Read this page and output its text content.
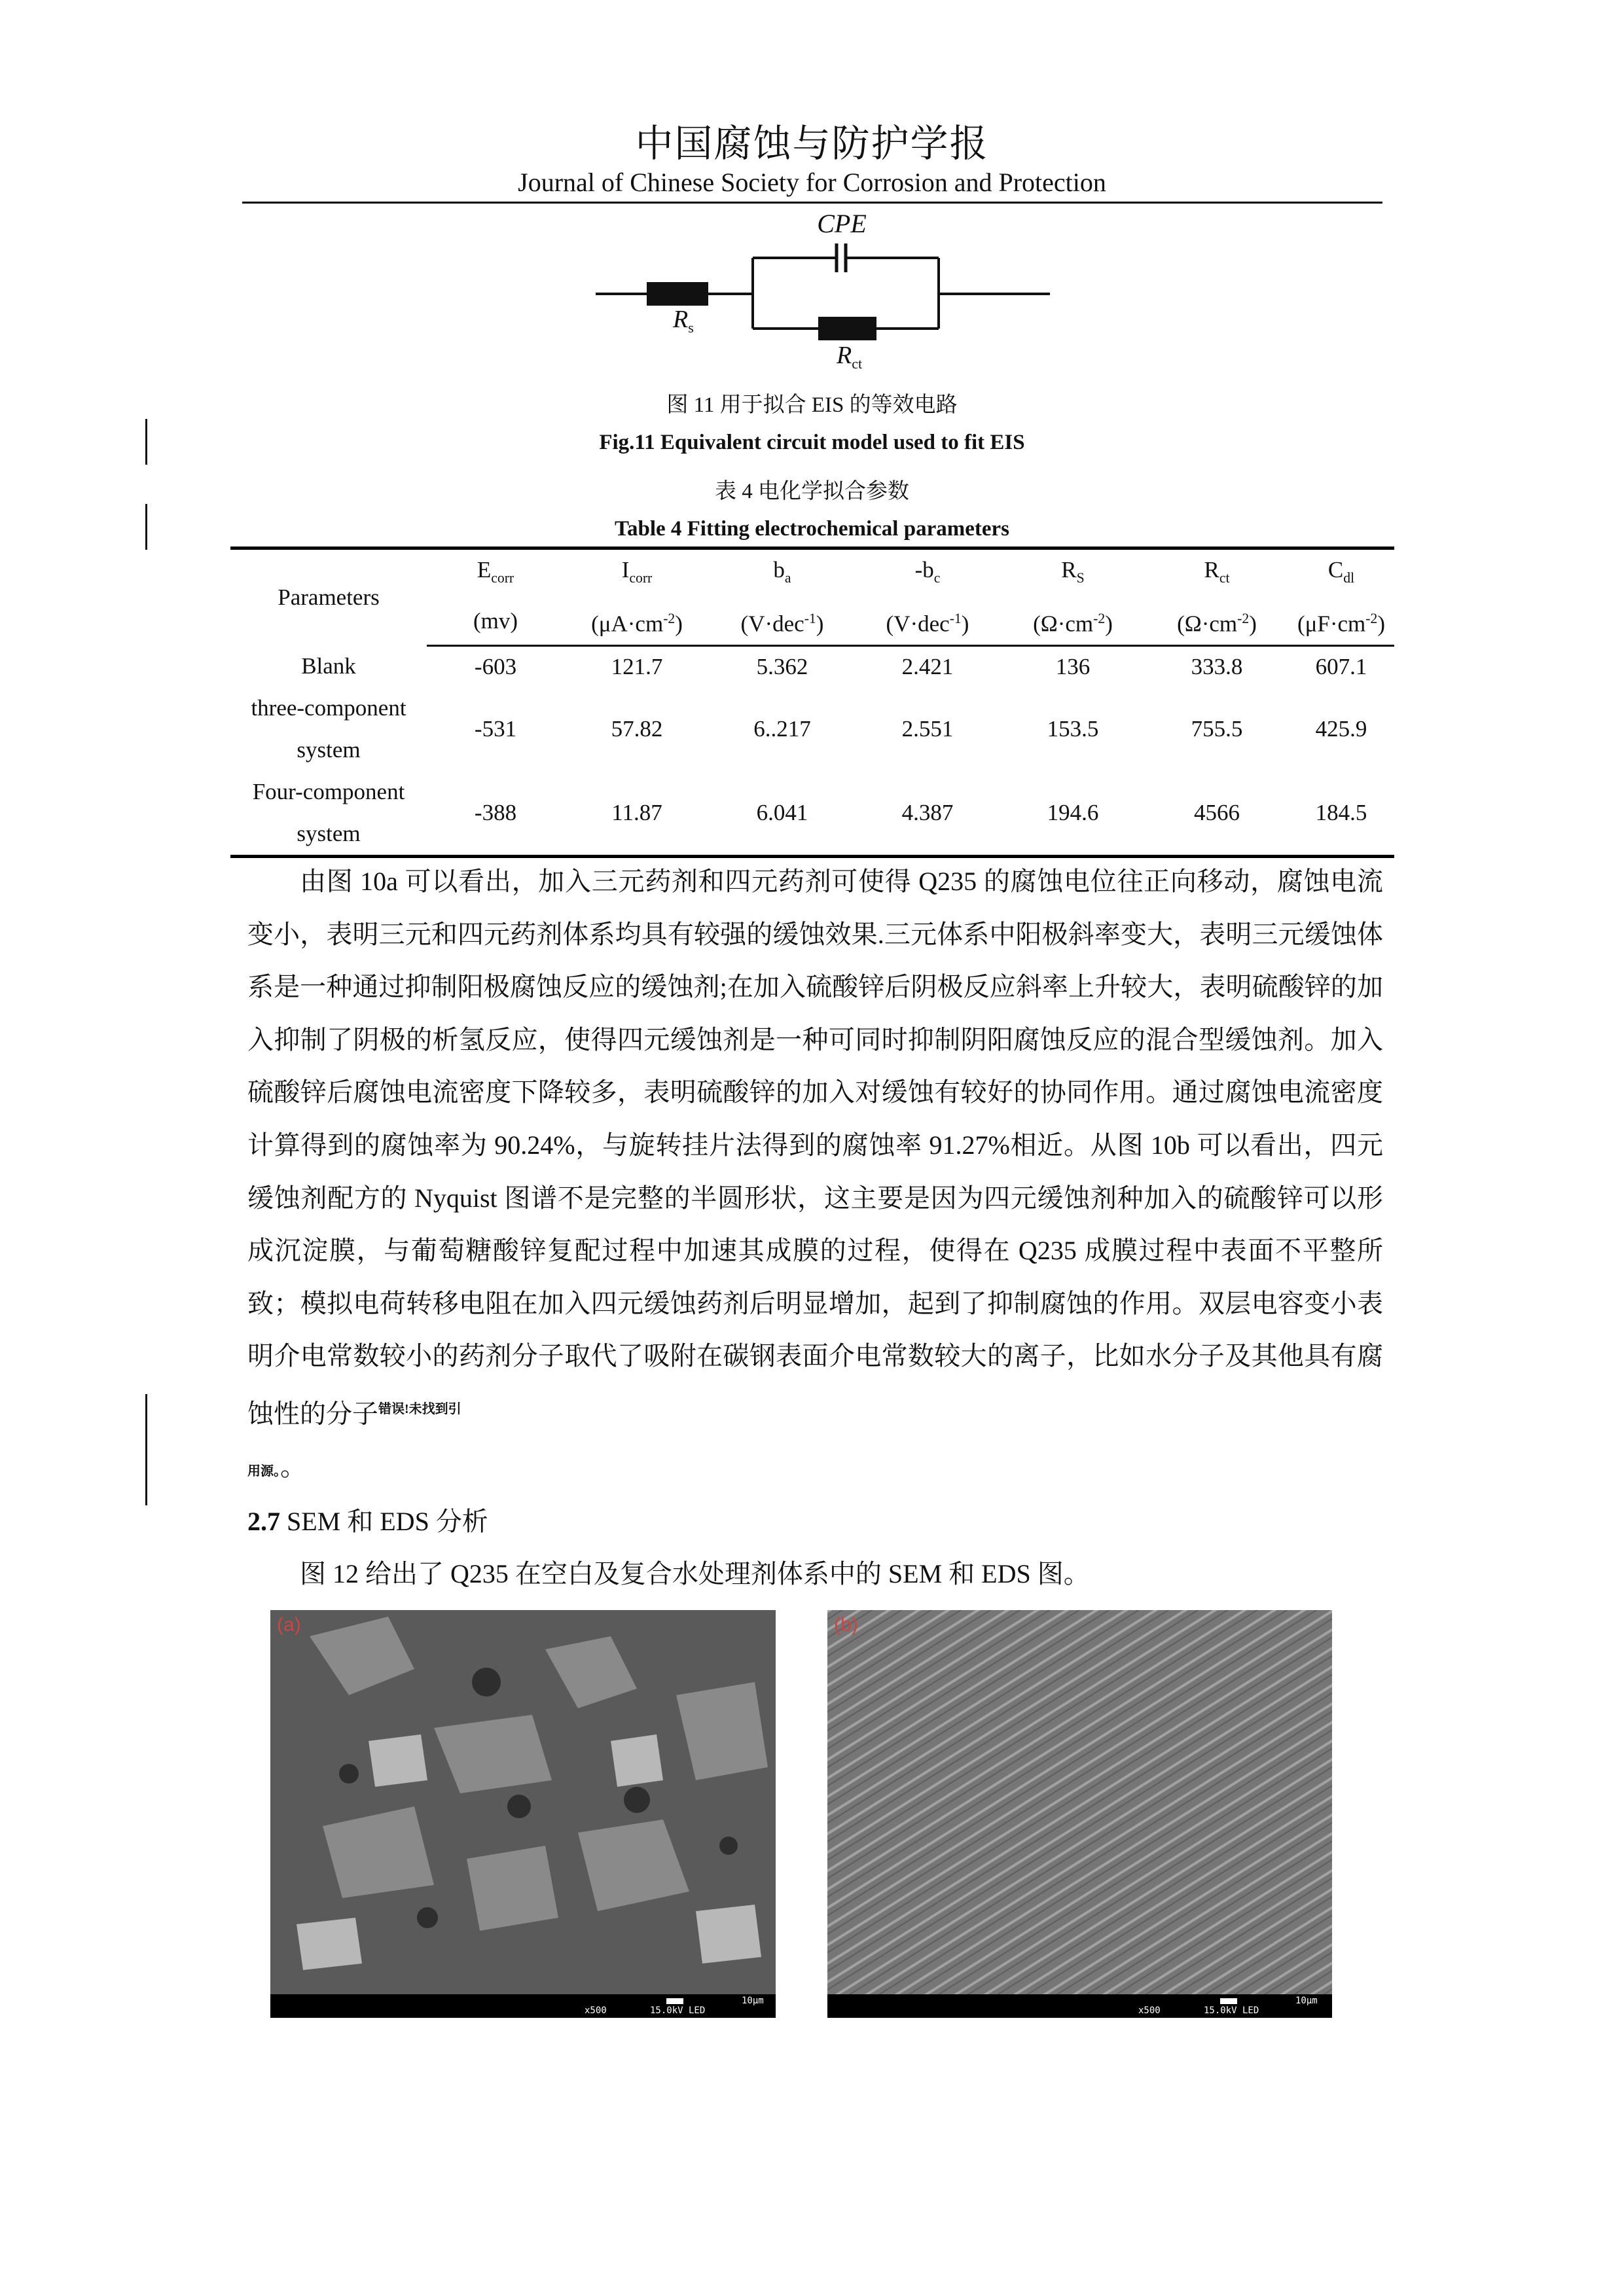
中国腐蚀与防护学报
Journal of Chinese Society for Corrosion and Protection
CPE
$R_s$
$R_{ct}$
图 11 用于拟合 EIS 的等效电路
Fig.11 Equivalent circuit model used to fit EIS
表 4 电化学拟合参数
Table 4 Fitting electrochemical parameters
Parameters	$E_{corr}$	$I_{corr}$	$b_a$	$-b_c$	$R_S$	$R_{ct}$	$C_{dl}$
	(mv)	$(\mu A\cdot cm^{-2})$	(V·dec$^{-1}$)	(V·dec$^{-1}$)	$(\Omega\cdot cm^{-2})$	$(\Omega\cdot cm^{-2})$	$(\mu F\cdot cm^{-2})$
Blank	-603	121.7	5.362	2.421	136	333.8	607.1

three-component
system	-531	57.82	6..217	2.551	153.5	755.5	425.9

Four-component
system	-388	11.87	6.041	4.387	194.6	4566	184.5

由图 10a 可以看出，加入三元药剂和四元药剂可使得 Q235 的腐蚀电位往正向移动，腐蚀电流变小，表明三元和四元药剂体系均具有较强的缓蚀效果.三元体系中阳极斜率变大，表明三元缓蚀体系是一种通过抑制阳极腐蚀反应的缓蚀剂;在加入硫酸锌后阴极反应斜率上升较大，表明硫酸锌的加入抑制了阴极的析氢反应，使得四元缓蚀剂是一种可同时抑制阴阳腐蚀反应的混合型缓蚀剂。加入硫酸锌后腐蚀电流密度下降较多，表明硫酸锌的加入对缓蚀有较好的协同作用。通过腐蚀电流密度计算得到的腐蚀率为 90.24%，与旋转挂片法得到的腐蚀率 91.27%相近。从图 10b 可以看出，四元缓蚀剂配方的 Nyquist 图谱不是完整的半圆形状，这主要是因为四元缓蚀剂种加入的硫酸锌可以形成沉淀膜，与葡萄糖酸锌复配过程中加速其成膜的过程，使得在 Q235 成膜过程中表面不平整所致；模拟电荷转移电阻在加入四元缓蚀药剂后明显增加，起到了抑制腐蚀的作用。双层电容变小表明介电常数较小的药剂分子取代了吸附在碳钢表面介电常数较大的离子，比如水分子及其他具有腐蚀性的分子$^{错误!未找到引}$
用源。。

2.7 SEM 和 EDS 分析
图 12 给出了 Q235 在空白及复合水处理剂体系中的 SEM 和 EDS 图。
(a)
x500	15.0kV LED
10μm
(b)
x500	15.0kV LED
10μm
